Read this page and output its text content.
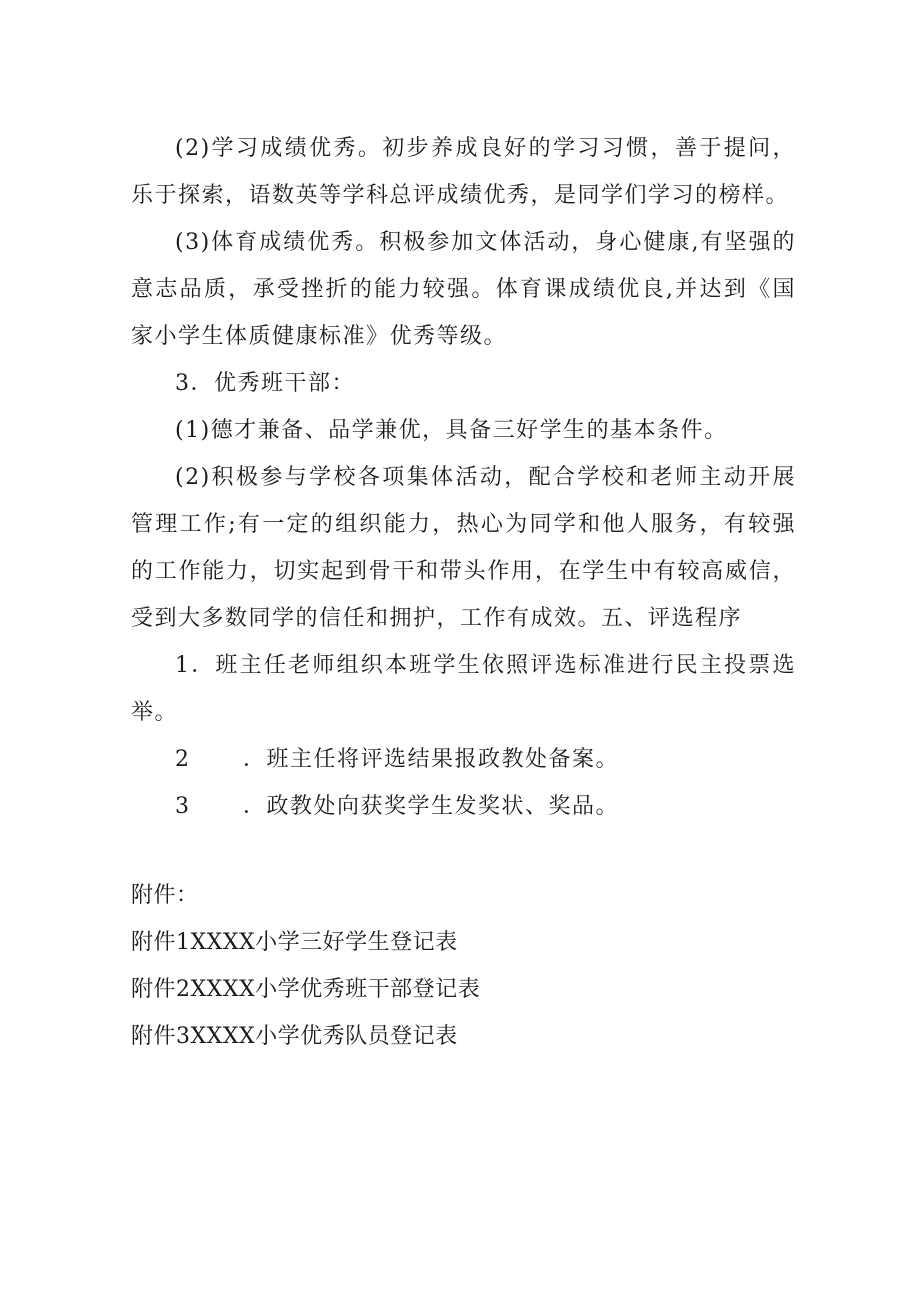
(2)学习成绩优秀。初步养成良好的学习习惯，善于提问，乐于探索，语数英等学科总评成绩优秀，是同学们学习的榜样。

(3)体育成绩优秀。积极参加文体活动，身心健康,有坚强的意志品质，承受挫折的能力较强。体育课成绩优良,并达到《国家小学生体质健康标准》优秀等级。

3．优秀班干部：

(1)德才兼备、品学兼优，具备三好学生的基本条件。

(2)积极参与学校各项集体活动，配合学校和老师主动开展管理工作;有一定的组织能力，热心为同学和他人服务，有较强的工作能力，切实起到骨干和带头作用，在学生中有较高威信，受到大多数同学的信任和拥护，工作有成效。五、评选程序

1．班主任老师组织本班学生依照评选标准进行民主投票选举。

2 ．班主任将评选结果报政教处备案。
3 ．政教处向获奖学生发奖状、奖品。

附件：

附件1XXXX小学三好学生登记表

附件2XXXX小学优秀班干部登记表

附件3XXXX小学优秀队员登记表
